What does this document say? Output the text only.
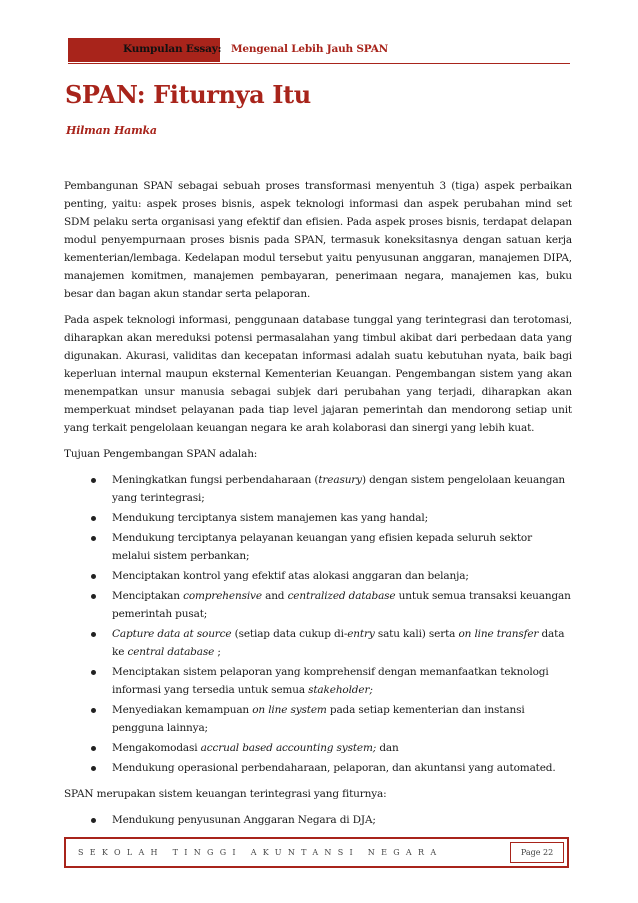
Kumpulan Essay: Mengenal Lebih Jauh SPAN
SPAN: Fiturnya Itu
Hilman Hamka

Pembangunan SPAN sebagai sebuah proses transformasi menyentuh 3 (tiga) aspek perbaikan penting, yaitu: aspek proses bisnis, aspek teknologi informasi dan aspek perubahan mind set SDM pelaku serta organisasi yang efektif dan efisien. Pada aspek proses bisnis, terdapat delapan modul penyempurnaan proses bisnis pada SPAN, termasuk koneksitasnya dengan satuan kerja kementerian/lembaga. Kedelapan modul tersebut yaitu penyusunan anggaran, manajemen DIPA, manajemen komitmen, manajemen pembayaran, penerimaan negara, manajemen kas, buku besar dan bagan akun standar serta pelaporan.

Pada aspek teknologi informasi, penggunaan database tunggal yang terintegrasi dan terotomasi, diharapkan akan mereduksi potensi permasalahan yang timbul akibat dari perbedaan data yang digunakan. Akurasi, validitas dan kecepatan informasi adalah suatu kebutuhan nyata, baik bagi keperluan internal maupun eksternal Kementerian Keuangan. Pengembangan sistem yang akan menempatkan unsur manusia sebagai subjek dari perubahan yang terjadi, diharapkan akan memperkuat mindset pelayanan pada tiap level jajaran pemerintah dan mendorong setiap unit yang terkait pengelolaan keuangan negara ke arah kolaborasi dan sinergi yang lebih kuat.

Tujuan Pengembangan SPAN adalah:

Meningkatkan fungsi perbendaharaan (treasury) dengan sistem pengelolaan keuangan yang terintegrasi;
Mendukung terciptanya sistem manajemen kas yang handal;
Mendukung terciptanya pelayanan keuangan yang efisien kepada seluruh sektor melalui sistem perbankan;
Menciptakan kontrol yang efektif atas alokasi anggaran dan belanja;
Menciptakan comprehensive and centralized database untuk semua transaksi keuangan pemerintah pusat;
Capture data at source (setiap data cukup di-entry satu kali) serta on line transfer data ke central database ;
Menciptakan sistem pelaporan yang komprehensif dengan memanfaatkan teknologi informasi yang tersedia untuk semua stakeholder;
Menyediakan kemampuan on line system pada setiap kementerian dan instansi pengguna lainnya;
Mengakomodasi accrual based accounting system; dan
Mendukung operasional perbendaharaan, pelaporan, dan akuntansi yang automated.

SPAN merupakan sistem keuangan terintegrasi yang fiturnya:

Mendukung penyusunan Anggaran Negara di DJA;
SEKOLAH TINGGI AKUNTANSI NEGARA	Page 22
